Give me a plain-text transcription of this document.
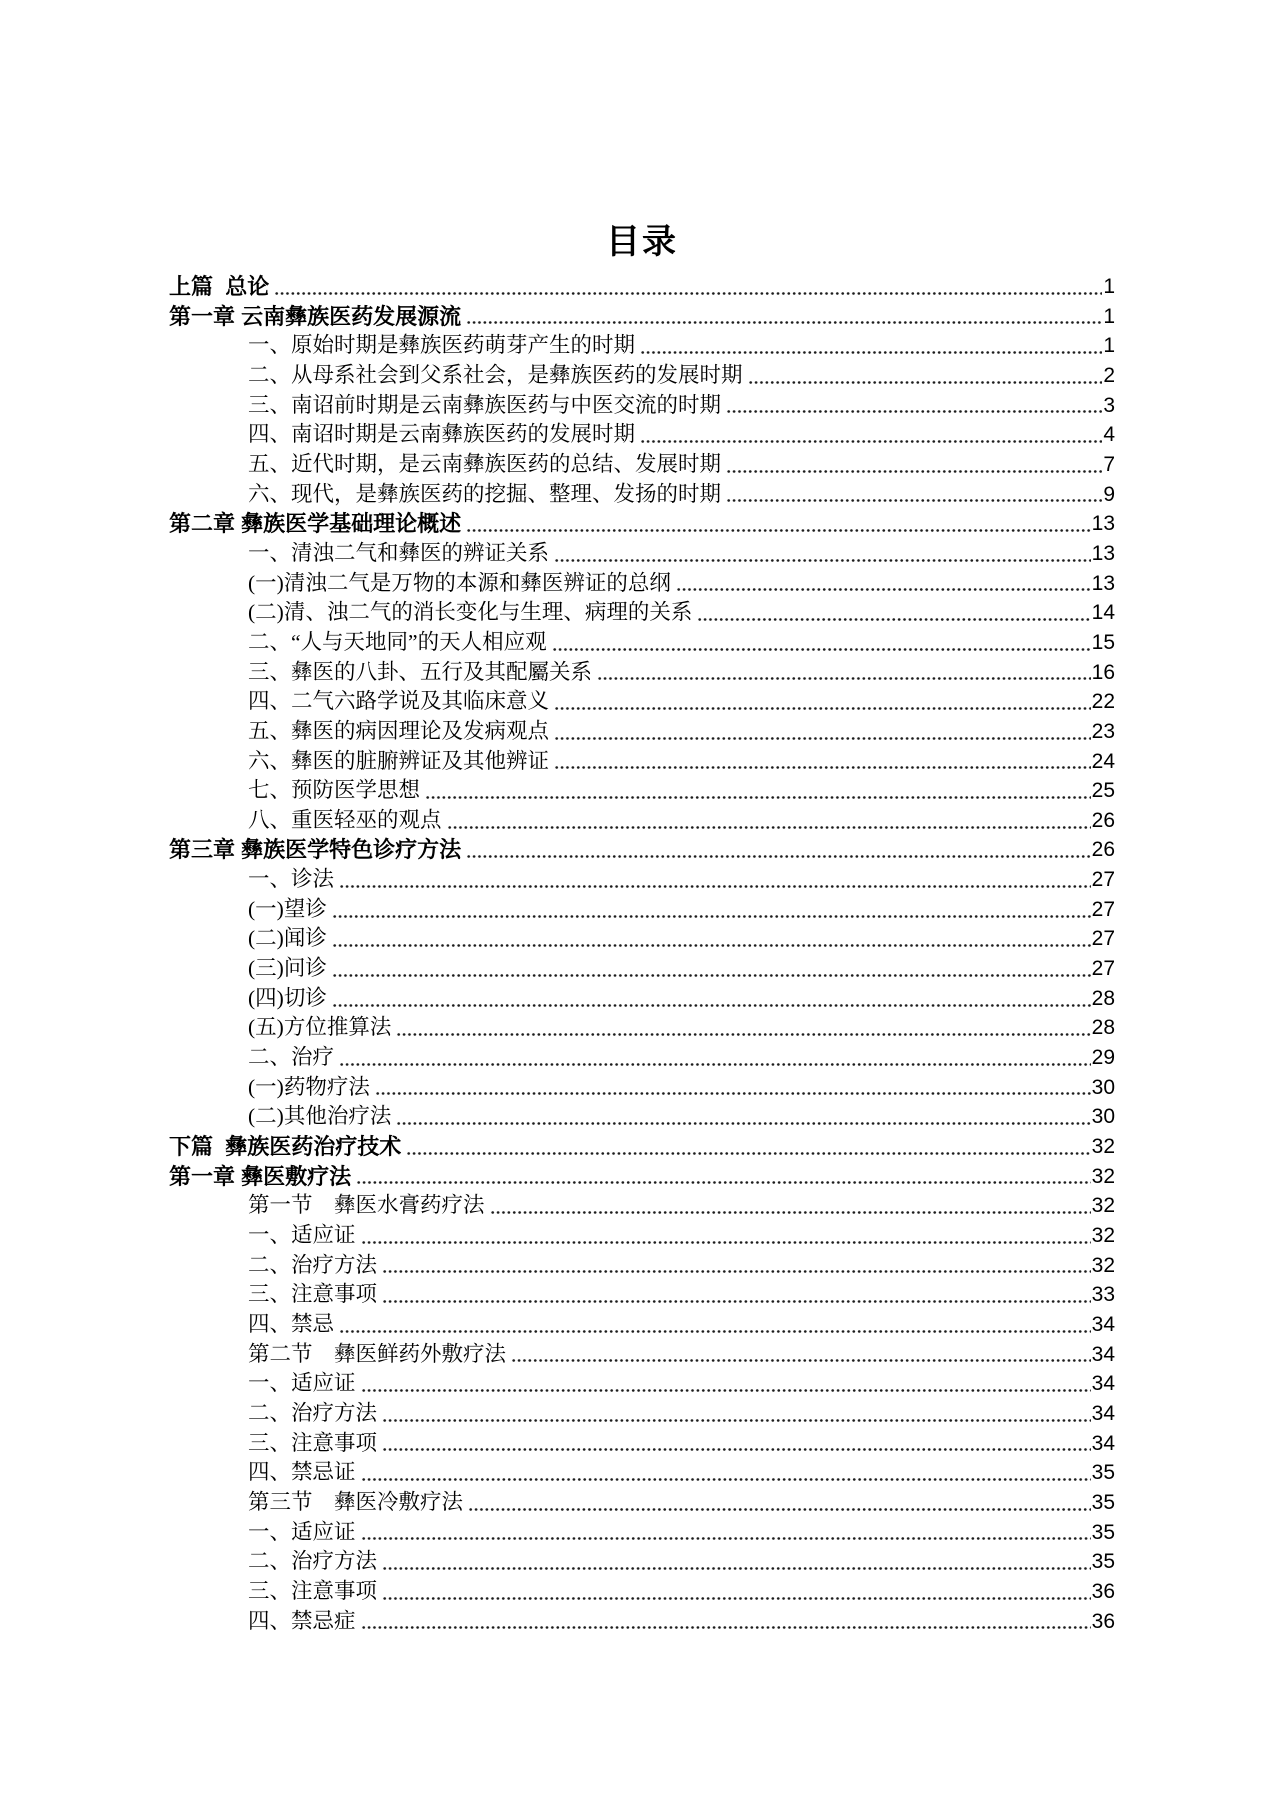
目录
上篇  总论	1
第一章 云南彝族医药发展源流	1
一、原始时期是彝族医药萌芽产生的时期	1
二、从母系社会到父系社会，是彝族医药的发展时期	2
三、南诏前时期是云南彝族医药与中医交流的时期	3
四、南诏时期是云南彝族医药的发展时期	4
五、近代时期，是云南彝族医药的总结、发展时期	7
六、现代，是彝族医药的挖掘、整理、发扬的时期	9
第二章 彝族医学基础理论概述	13
一、清浊二气和彝医的辨证关系	13
(一)清浊二气是万物的本源和彝医辨证的总纲	13
(二)清、浊二气的消长变化与生理、病理的关系	14
二、“人与天地同”的天人相应观	15
三、彝医的八卦、五行及其配屬关系	16
四、二气六路学说及其临床意义	22
五、彝医的病因理论及发病观点	23
六、彝医的脏腑辨证及其他辨证	24
七、预防医学思想	25
八、重医轻巫的观点	26
第三章 彝族医学特色诊疗方法	26
一、诊法	27
(一)望诊	27
(二)闻诊	27
(三)问诊	27
(四)切诊	28
(五)方位推算法	28
二、治疗	29
(一)药物疗法	30
(二)其他治疗法	30
下篇  彝族医药治疗技术	32
第一章 彝医敷疗法	32
第一节　彝医水膏药疗法	32
一、适应证	32
二、治疗方法	32
三、注意事项	33
四、禁忌	34
第二节　彝医鲜药外敷疗法	34
一、适应证	34
二、治疗方法	34
三、注意事项	34
四、禁忌证	35
第三节　彝医冷敷疗法	35
一、适应证	35
二、治疗方法	35
三、注意事项	36
四、禁忌症	36
